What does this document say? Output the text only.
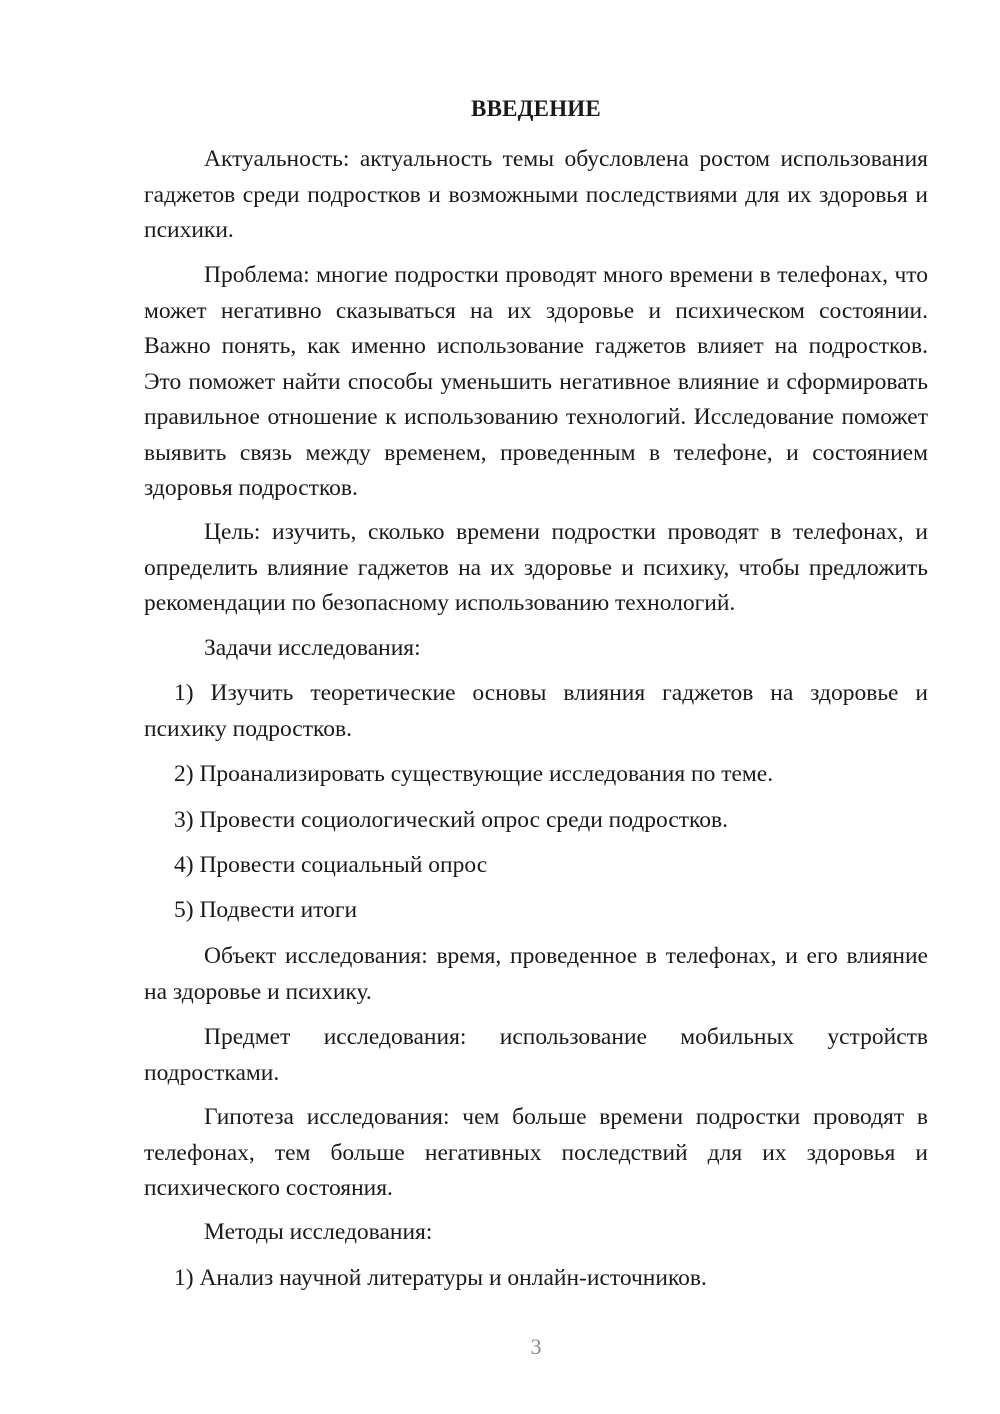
ВВЕДЕНИЕ

Актуальность: актуальность темы обусловлена ростом использования гаджетов среди подростков и возможными последствиями для их здоровья и психики.

Проблема: многие подростки проводят много времени в телефонах, что может негативно сказываться на их здоровье и психическом состоянии. Важно понять, как именно использование гаджетов влияет на подростков. Это поможет найти способы уменьшить негативное влияние и сформировать правильное отношение к использованию технологий. Исследование поможет выявить связь между временем, проведенным в телефоне, и состоянием здоровья подростков.

Цель: изучить, сколько времени подростки проводят в телефонах, и определить влияние гаджетов на их здоровье и психику, чтобы предложить рекомендации по безопасному использованию технологий.

Задачи исследования:

1) Изучить теоретические основы влияния гаджетов на здоровье и психику подростков.

2) Проанализировать существующие исследования по теме.

3) Провести социологический опрос среди подростков.

4) Провести социальный опрос

5) Подвести итоги

Объект исследования: время, проведенное в телефонах, и его влияние на здоровье и психику.

Предмет исследования: использование мобильных устройств подростками.

Гипотеза исследования: чем больше времени подростки проводят в телефонах, тем больше негативных последствий для их здоровья и психического состояния.

Методы исследования:

1) Анализ научной литературы и онлайн-источников.

3
